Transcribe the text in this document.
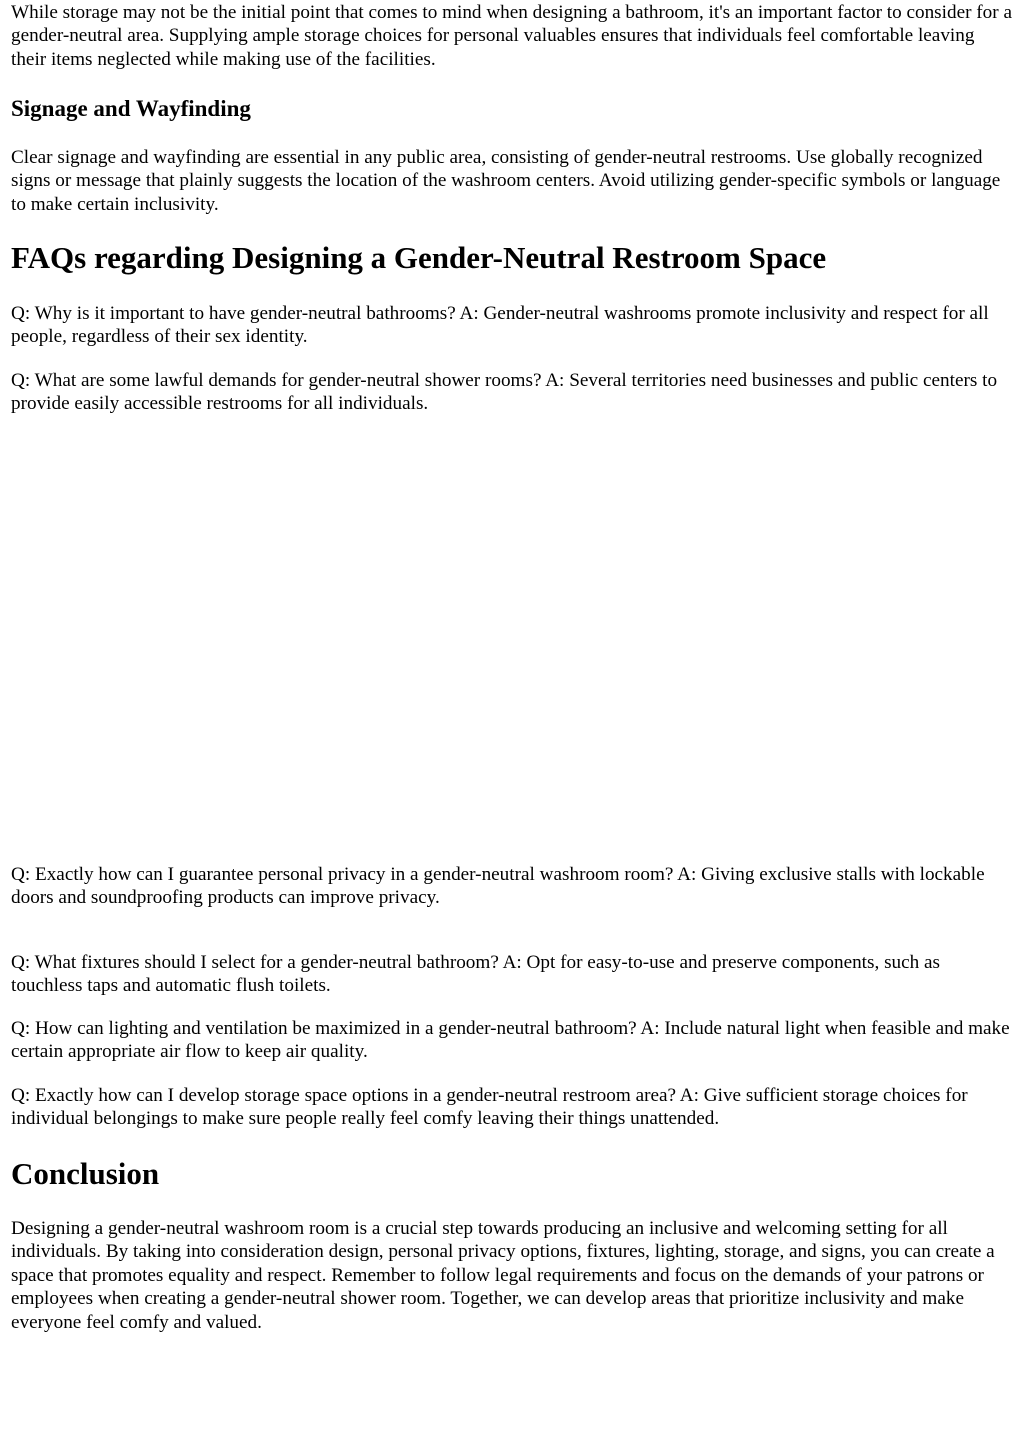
While storage may not be the initial point that comes to mind when designing a bathroom, it's an important factor to consider for a gender-neutral area. Supplying ample storage choices for personal valuables ensures that individuals feel comfortable leaving their items neglected while making use of the facilities.

Signage and Wayfinding

Clear signage and wayfinding are essential in any public area, consisting of gender-neutral restrooms. Use globally recognized signs or message that plainly suggests the location of the washroom centers. Avoid utilizing gender-specific symbols or language to make certain inclusivity.

FAQs regarding Designing a Gender-Neutral Restroom Space

Q: Why is it important to have gender-neutral bathrooms? A: Gender-neutral washrooms promote inclusivity and respect for all people, regardless of their sex identity.

Q: What are some lawful demands for gender-neutral shower rooms? A: Several territories need businesses and public centers to provide easily accessible restrooms for all individuals.

Q: Exactly how can I guarantee personal privacy in a gender-neutral washroom room? A: Giving exclusive stalls with lockable doors and soundproofing products can improve privacy.

Q: What fixtures should I select for a gender-neutral bathroom? A: Opt for easy-to-use and preserve components, such as touchless taps and automatic flush toilets.

Q: How can lighting and ventilation be maximized in a gender-neutral bathroom? A: Include natural light when feasible and make certain appropriate air flow to keep air quality.

Q: Exactly how can I develop storage space options in a gender-neutral restroom area? A: Give sufficient storage choices for individual belongings to make sure people really feel comfy leaving their things unattended.

Conclusion

Designing a gender-neutral washroom room is a crucial step towards producing an inclusive and welcoming setting for all individuals. By taking into consideration design, personal privacy options, fixtures, lighting, storage, and signs, you can create a space that promotes equality and respect. Remember to follow legal requirements and focus on the demands of your patrons or employees when creating a gender-neutral shower room. Together, we can develop areas that prioritize inclusivity and make everyone feel comfy and valued.
